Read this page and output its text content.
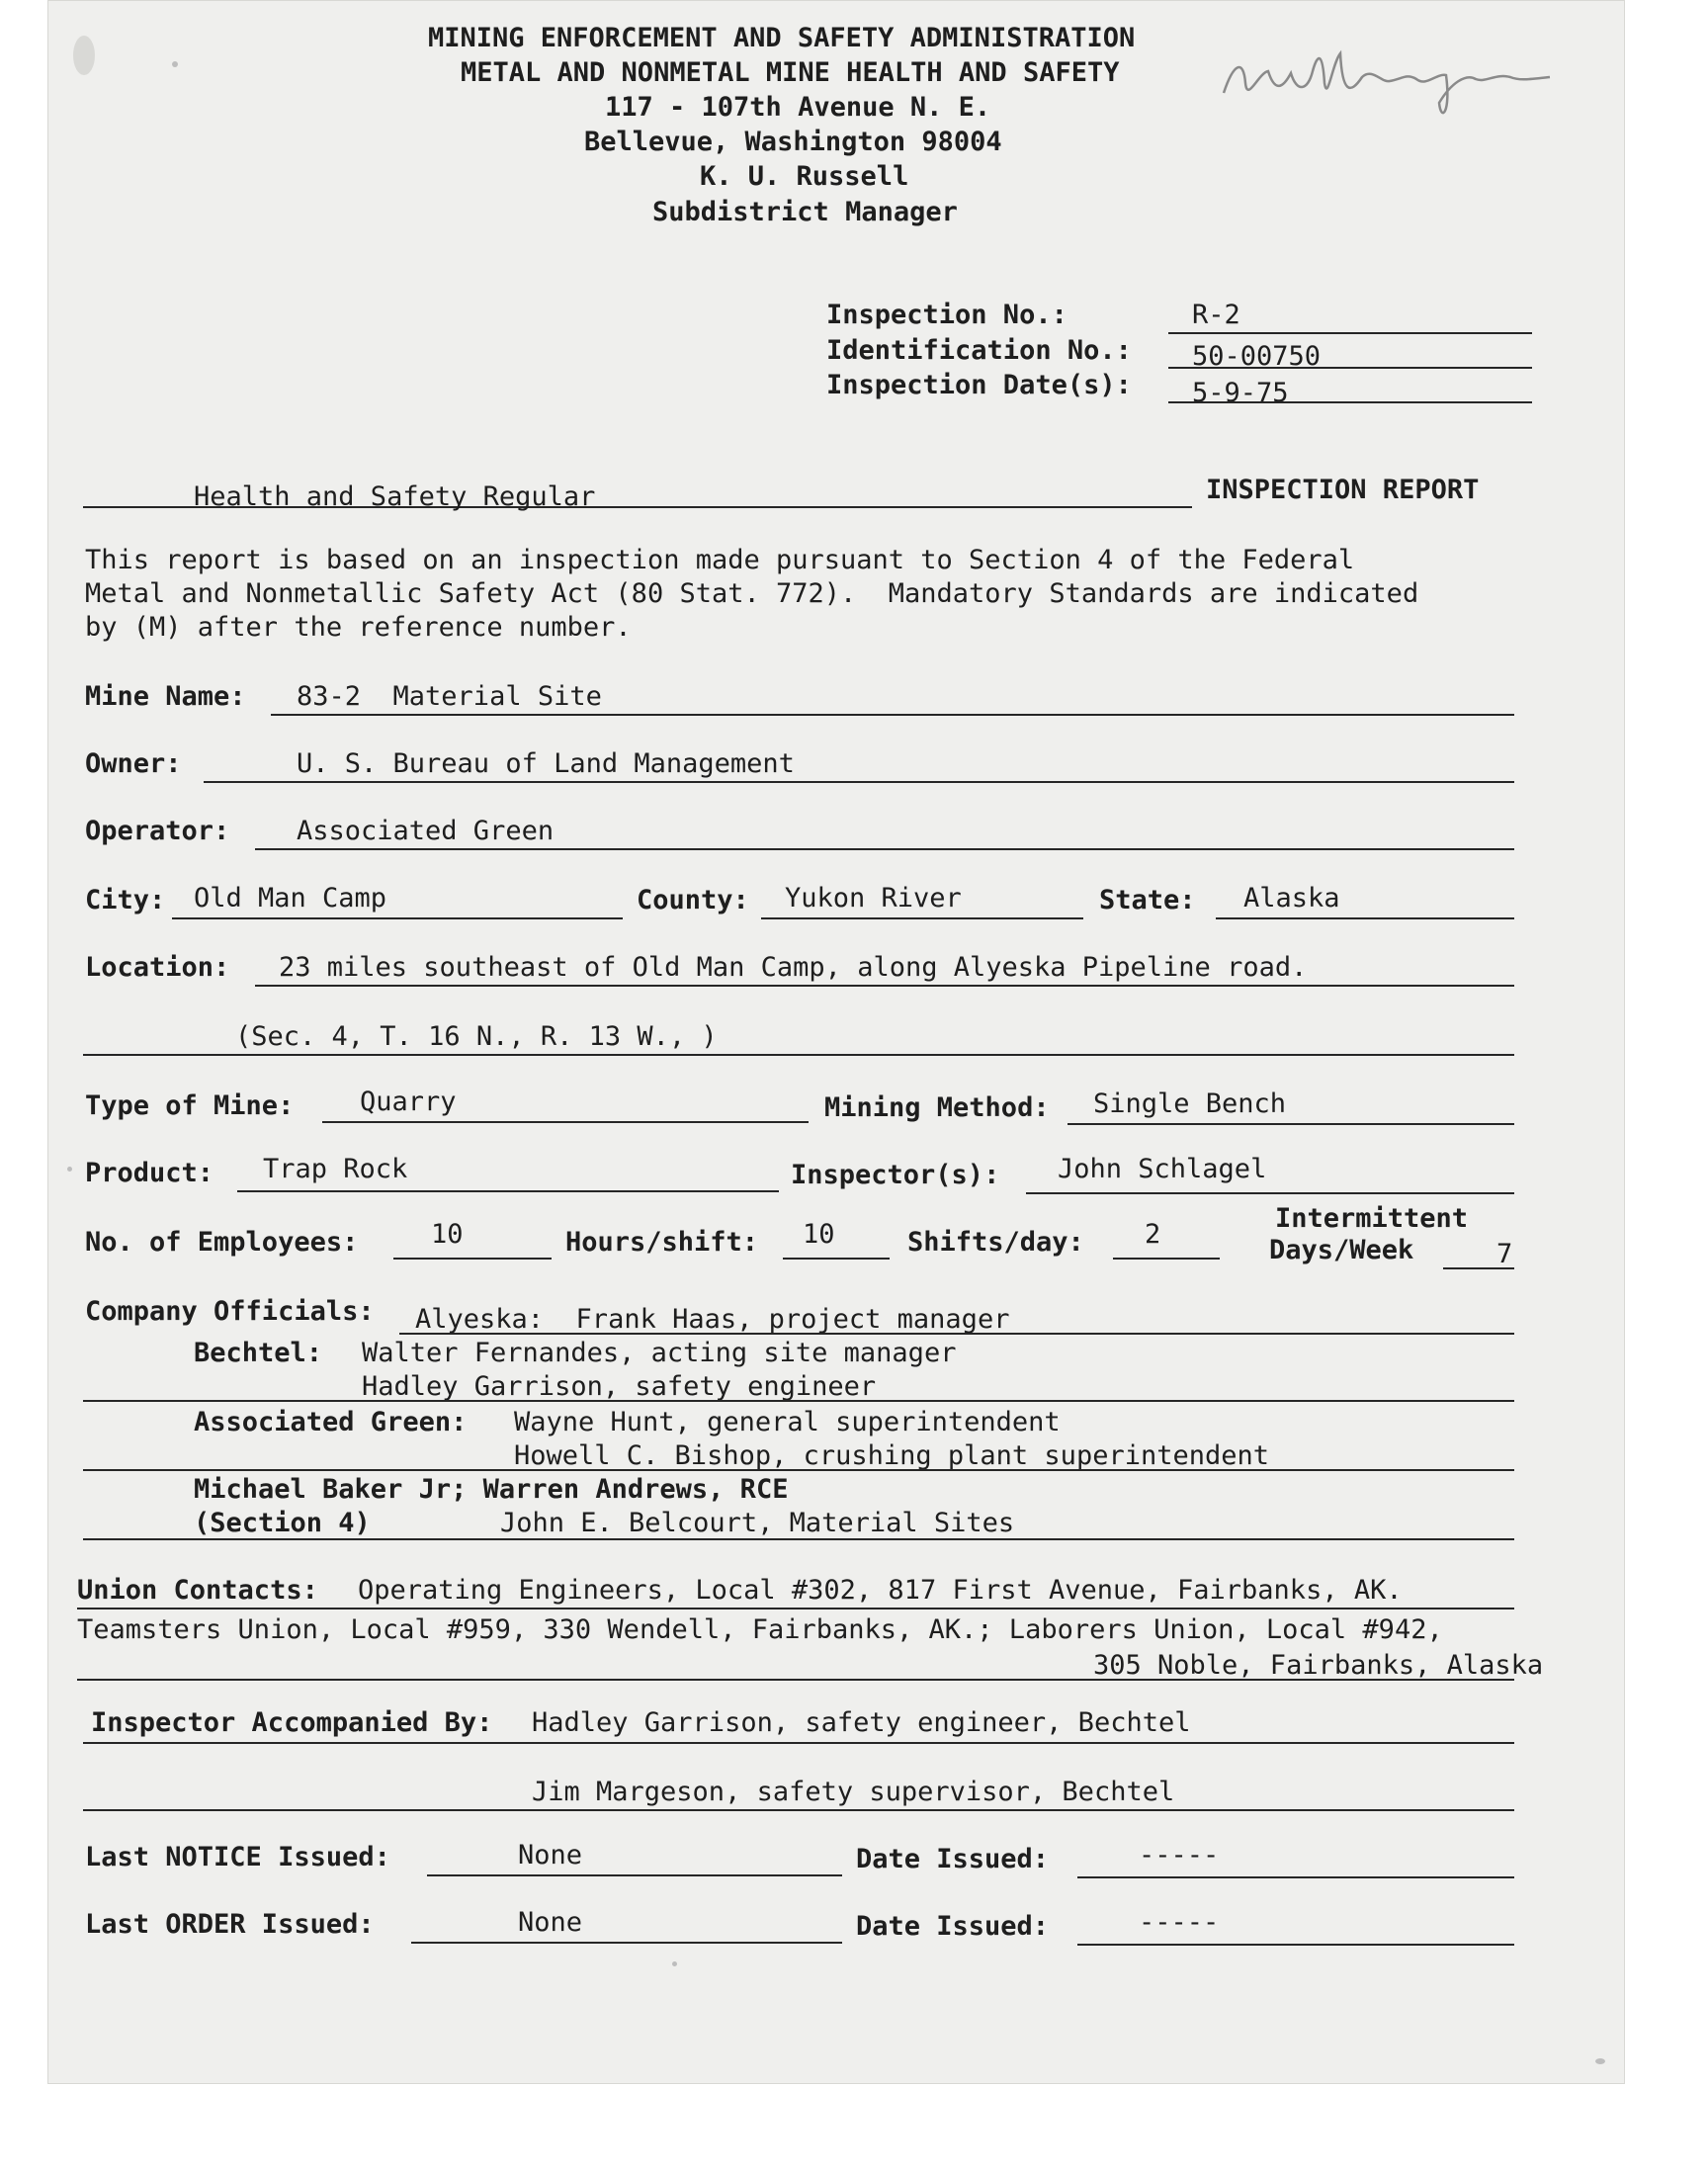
MINING ENFORCEMENT AND SAFETY ADMINISTRATION
METAL AND NONMETAL MINE HEALTH AND SAFETY
117 - 107th Avenue N. E.
Bellevue, Washington 98004
K. U. Russell
Subdistrict Manager
Inspection No.:	R-2
Identification No.: 50-00750
Inspection Date(s): 5-9-75
Health and Safety Regular	INSPECTION REPORT
This report is based on an inspection made pursuant to Section 4 of the Federal
Metal and Nonmetallic Safety Act (80 Stat. 772).  Mandatory Standards are indicated
by (M) after the reference number.
Mine Name: 83-2  Material Site
Owner:	U. S. Bureau of Land Management
Operator:	Associated Green
City: Old Man Camp	County: Yukon River	State: Alaska
Location: 23 miles southeast of Old Man Camp, along Alyeska Pipeline road.
(Sec. 4, T. 16 N., R. 13 W., )
Type of Mine: Quarry	Mining Method: Single Bench
Product: Trap Rock	Inspector(s): John Schlagel
No. of Employees:	10	Hours/shift: 10	Shifts/day: 2
Intermittent
Days/Week	7
Company Officials: Alyeska:  Frank Haas, project manager
Bechtel: Walter Fernandes, acting site manager
Hadley Garrison, safety engineer
Associated Green: Wayne Hunt, general superintendent
Howell C. Bishop, crushing plant superintendent
Michael Baker Jr; Warren Andrews, RCE
(Section 4)	John E. Belcourt, Material Sites
Union Contacts: Operating Engineers, Local #302, 817 First Avenue, Fairbanks, AK.
Teamsters Union, Local #959, 330 Wendell, Fairbanks, AK.; Laborers Union, Local #942,
305 Noble, Fairbanks, Alaska
Inspector Accompanied By: Hadley Garrison, safety engineer, Bechtel
Jim Margeson, safety supervisor, Bechtel
Last NOTICE Issued:	None	Date Issued:	-----
Last ORDER Issued:	None	Date Issued:	-----
